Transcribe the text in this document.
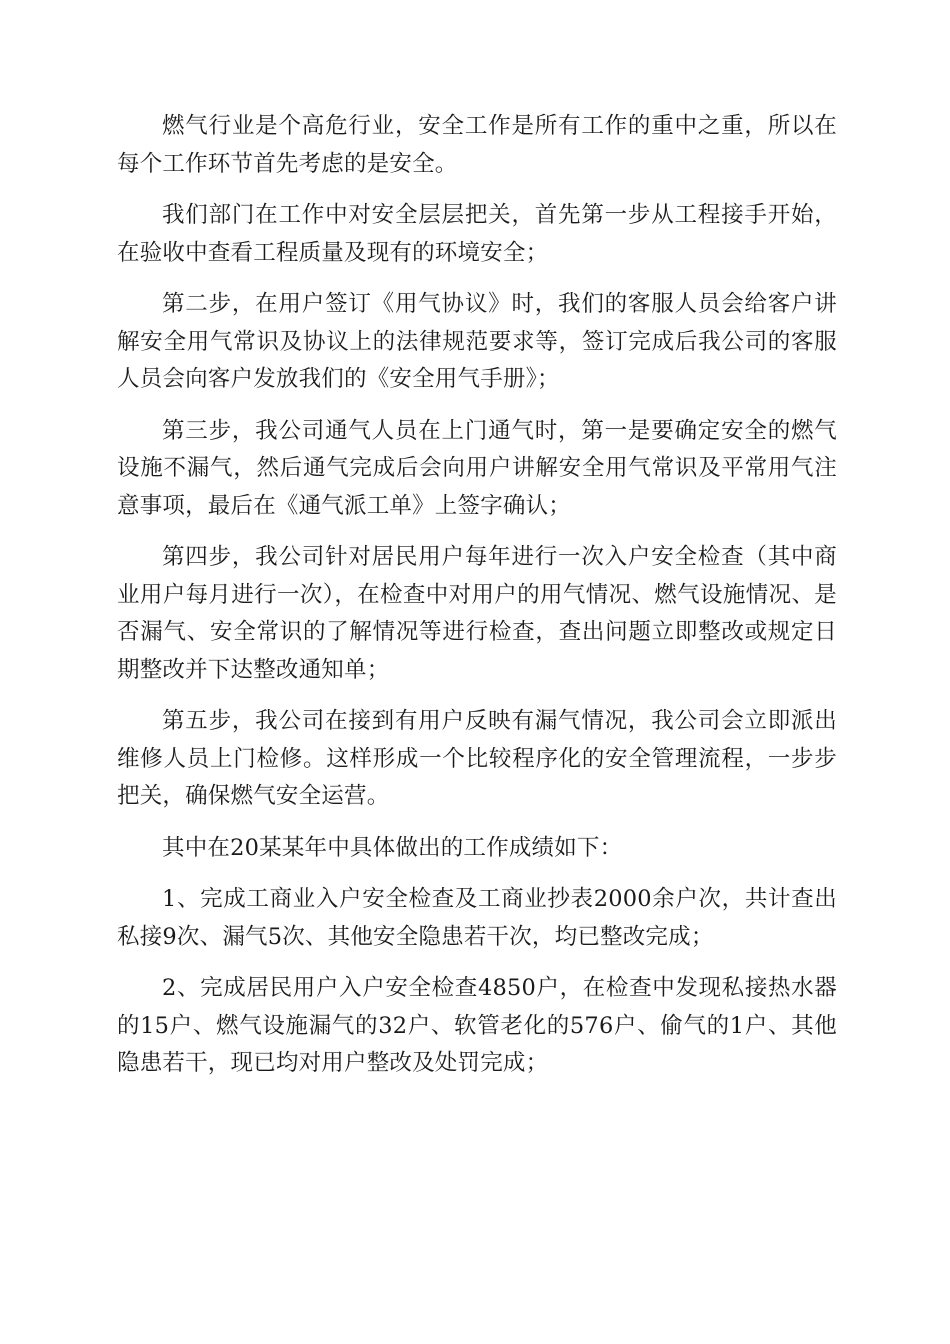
燃气行业是个高危行业，安全工作是所有工作的重中之重，所以在每个工作环节首先考虑的是安全。

我们部门在工作中对安全层层把关，首先第一步从工程接手开始，在验收中查看工程质量及现有的环境安全；

第二步，在用户签订《用气协议》时，我们的客服人员会给客户讲解安全用气常识及协议上的法律规范要求等，签订完成后我公司的客服人员会向客户发放我们的《安全用气手册》；

第三步，我公司通气人员在上门通气时，第一是要确定安全的燃气设施不漏气，然后通气完成后会向用户讲解安全用气常识及平常用气注意事项，最后在《通气派工单》上签字确认；

第四步，我公司针对居民用户每年进行一次入户安全检查（其中商业用户每月进行一次），在检查中对用户的用气情况、燃气设施情况、是否漏气、安全常识的了解情况等进行检查，查出问题立即整改或规定日期整改并下达整改通知单；

第五步，我公司在接到有用户反映有漏气情况，我公司会立即派出维修人员上门检修。这样形成一个比较程序化的安全管理流程，一步步把关，确保燃气安全运营。

其中在20某某年中具体做出的工作成绩如下：

1、完成工商业入户安全检查及工商业抄表2000余户次，共计查出私接9次、漏气5次、其他安全隐患若干次，均已整改完成；

2、完成居民用户入户安全检查4850户，在检查中发现私接热水器的15户、燃气设施漏气的32户、软管老化的576户、偷气的1户、其他隐患若干，现已均对用户整改及处罚完成；
